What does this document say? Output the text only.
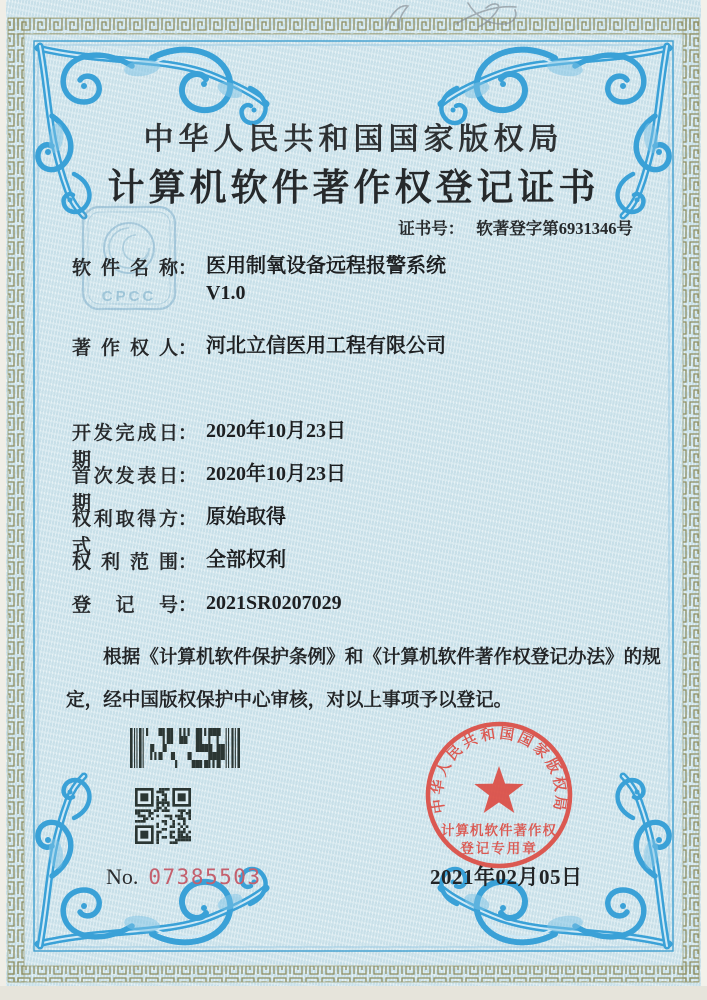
CPCC
中华人民共和国国家版权局
计算机软件著作权登记证书
证书号： 软著登字第6931346号
软件名称： 医用制氧设备远程报警系统
V1.0
著作权人： 河北立信医用工程有限公司
开发完成日期： 2020年10月23日
首次发表日期： 2020年10月23日
权利取得方式： 原始取得
权利范围： 全部权利
登记号： 2021SR0207029
根据《计算机软件保护条例》和《计算机软件著作权登记办法》的规定，经中国版权保护中心审核，对以上事项予以登记。
No. 07385503
中华人民共和国国家版权局
计算机软件著作权
登记专用章
2021年02月05日
